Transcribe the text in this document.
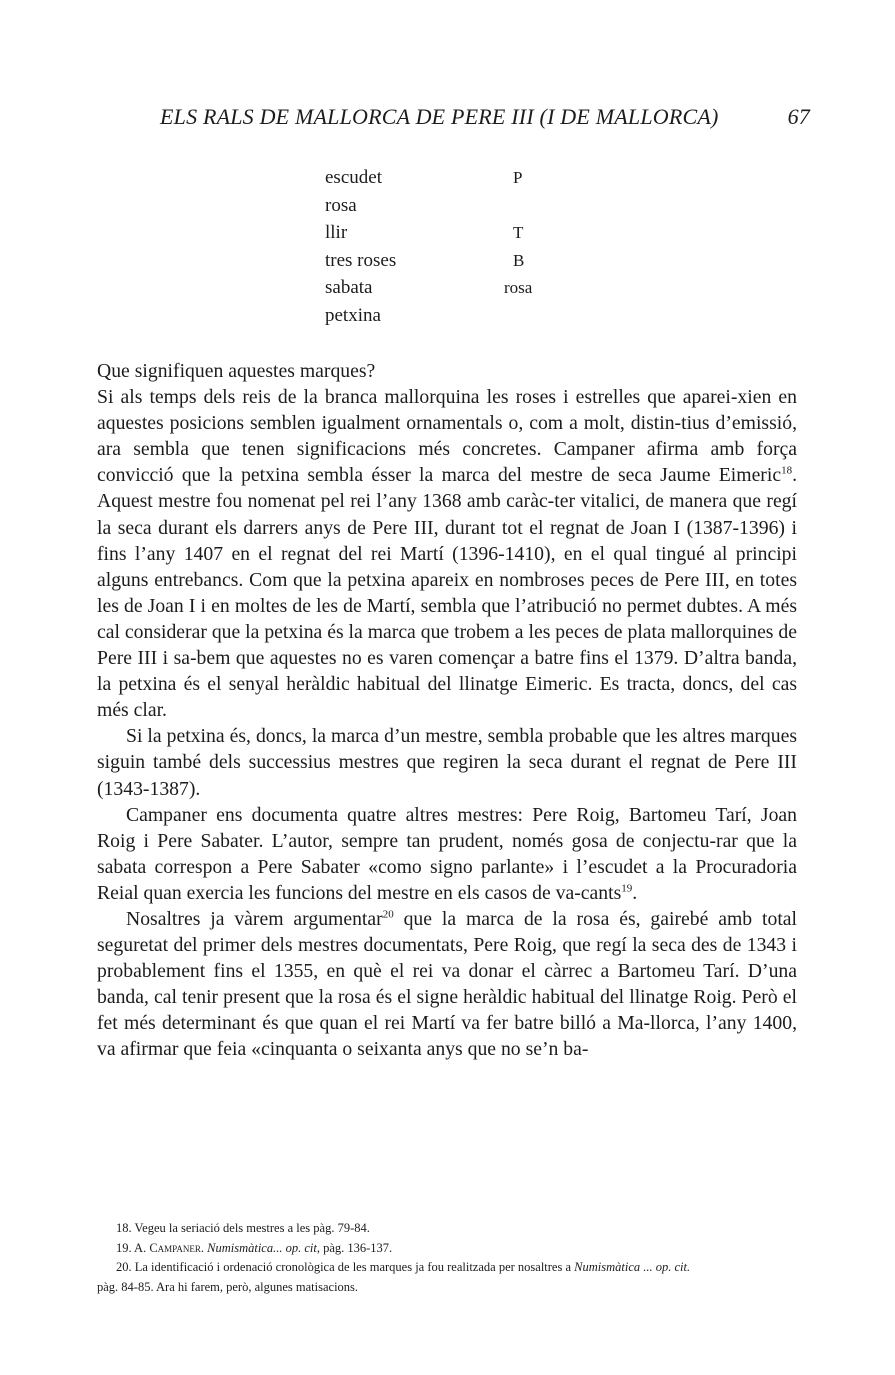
ELS RALS DE MALLORCA DE PERE III (I DE MALLORCA)	67
escudet	P
rosa
llir	T
tres roses	B
sabata	rosa
petxina

Que signifiquen aquestes marques?

Si als temps dels reis de la branca mallorquina les roses i estrelles que aparei-xien en aquestes posicions semblen igualment ornamentals o, com a molt, distin-tius d’emissió, ara sembla que tenen significacions més concretes. Campaner afirma amb força convicció que la petxina sembla ésser la marca del mestre de seca Jaume Eimeric$^{18}$. Aquest mestre fou nomenat pel rei l’any 1368 amb caràc-ter vitalici, de manera que regí la seca durant els darrers anys de Pere III, durant tot el regnat de Joan I (1387-1396) i fins l’any 1407 en el regnat del rei Martí (1396-1410), en el qual tingué al principi alguns entrebancs. Com que la petxina apareix en nombroses peces de Pere III, en totes les de Joan I i en moltes de les de Martí, sembla que l’atribució no permet dubtes. A més cal considerar que la petxina és la marca que trobem a les peces de plata mallorquines de Pere III i sa-bem que aquestes no es varen començar a batre fins el 1379. D’altra banda, la petxina és el senyal heràldic habitual del llinatge Eimeric. Es tracta, doncs, del cas més clar.

Si la petxina és, doncs, la marca d’un mestre, sembla probable que les altres marques siguin també dels successius mestres que regiren la seca durant el regnat de Pere III (1343-1387).

Campaner ens documenta quatre altres mestres: Pere Roig, Bartomeu Tarí, Joan Roig i Pere Sabater. L’autor, sempre tan prudent, només gosa de conjectu-rar que la sabata correspon a Pere Sabater «como signo parlante» i l’escudet a la Procuradoria Reial quan exercia les funcions del mestre en els casos de va-cants$^{19}$.

Nosaltres ja vàrem argumentar$^{20}$ que la marca de la rosa és, gairebé amb total seguretat del primer dels mestres documentats, Pere Roig, que regí la seca des de 1343 i probablement fins el 1355, en què el rei va donar el càrrec a Bartomeu Tarí. D’una banda, cal tenir present que la rosa és el signe heràldic habitual del llinatge Roig. Però el fet més determinant és que quan el rei Martí va fer batre billó a Ma-llorca, l’any 1400, va afirmar que feia «cinquanta o seixanta anys que no se’n ba-

18. Vegeu la seriació dels mestres a les pàg. 79-84.

19. A. Campaner. Numismàtica... op. cit, pàg. 136-137.

20. La identificació i ordenació cronològica de les marques ja fou realitzada per nosaltres a Numismàtica ... op. cit.

pàg. 84-85. Ara hi farem, però, algunes matisacions.
